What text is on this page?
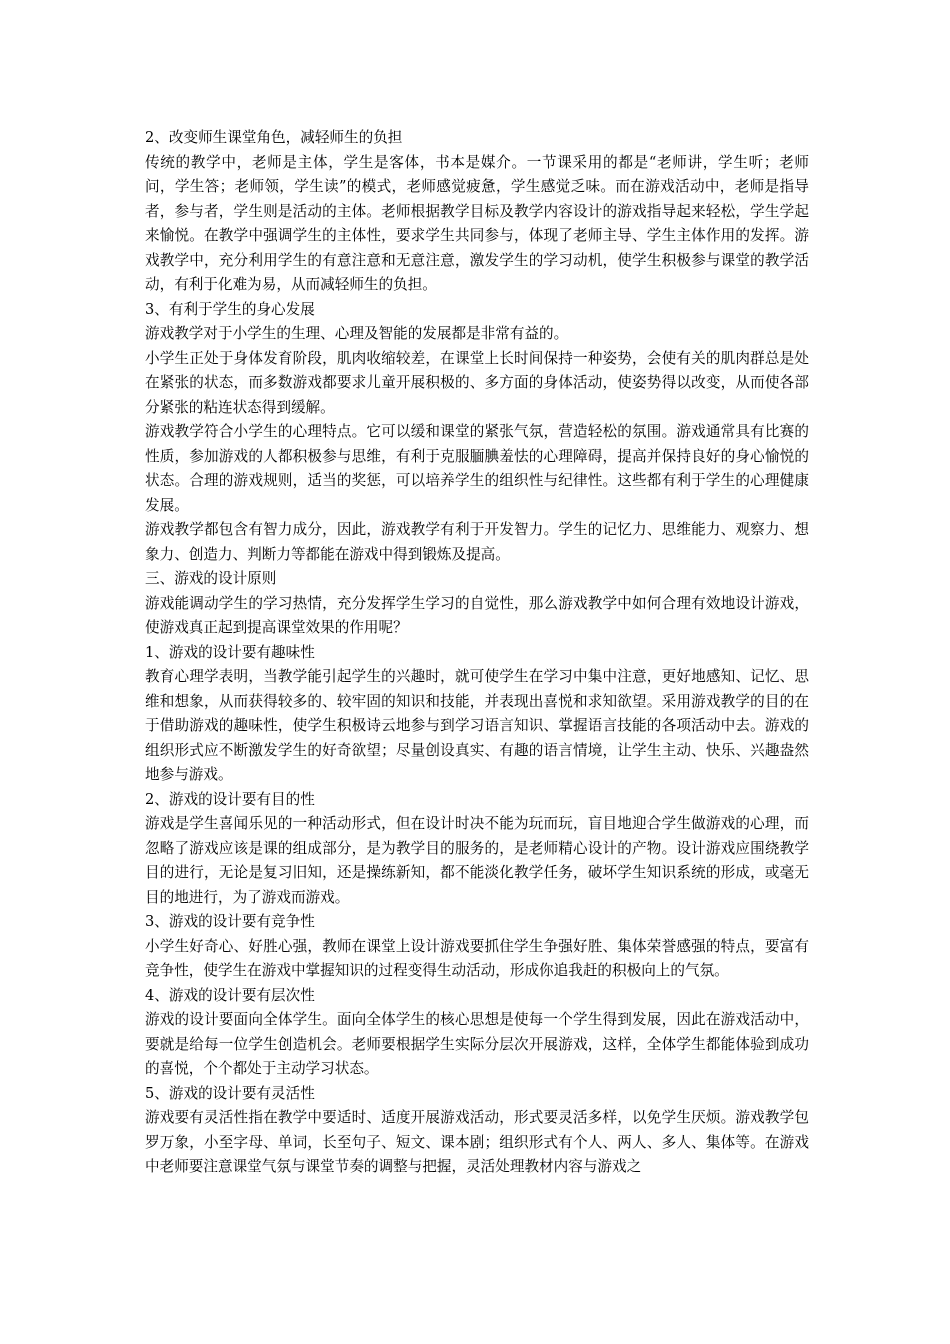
2、改变师生课堂角色，减轻师生的负担

传统的教学中，老师是主体，学生是客体，书本是媒介。一节课采用的都是“老师讲，学生听；老师问，学生答；老师领，学生读”的模式，老师感觉疲惫，学生感觉乏味。而在游戏活动中，老师是指导者，参与者，学生则是活动的主体。老师根据教学目标及教学内容设计的游戏指导起来轻松，学生学起来愉悦。在教学中强调学生的主体性，要求学生共同参与，体现了老师主导、学生主体作用的发挥。游戏教学中，充分利用学生的有意注意和无意注意，激发学生的学习动机，使学生积极参与课堂的教学活动，有利于化难为易，从而减轻师生的负担。

3、有利于学生的身心发展

游戏教学对于小学生的生理、心理及智能的发展都是非常有益的。

小学生正处于身体发育阶段，肌肉收缩较差，在课堂上长时间保持一种姿势，会使有关的肌肉群总是处在紧张的状态，而多数游戏都要求儿童开展积极的、多方面的身体活动，使姿势得以改变，从而使各部分紧张的粘连状态得到缓解。

游戏教学符合小学生的心理特点。它可以缓和课堂的紧张气氛，营造轻松的氛围。游戏通常具有比赛的性质，参加游戏的人都积极参与思维，有利于克服腼腆羞怯的心理障碍，提高并保持良好的身心愉悦的状态。合理的游戏规则，适当的奖惩，可以培养学生的组织性与纪律性。这些都有利于学生的心理健康发展。

游戏教学都包含有智力成分，因此，游戏教学有利于开发智力。学生的记忆力、思维能力、观察力、想象力、创造力、判断力等都能在游戏中得到锻炼及提高。

三、游戏的设计原则

游戏能调动学生的学习热情，充分发挥学生学习的自觉性，那么游戏教学中如何合理有效地设计游戏，使游戏真正起到提高课堂效果的作用呢？

1、游戏的设计要有趣味性

教育心理学表明，当教学能引起学生的兴趣时，就可使学生在学习中集中注意，更好地感知、记忆、思维和想象，从而获得较多的、较牢固的知识和技能，并表现出喜悦和求知欲望。采用游戏教学的目的在于借助游戏的趣味性，使学生积极诗云地参与到学习语言知识、掌握语言技能的各项活动中去。游戏的组织形式应不断激发学生的好奇欲望；尽量创设真实、有趣的语言情境，让学生主动、快乐、兴趣盎然地参与游戏。

2、游戏的设计要有目的性

游戏是学生喜闻乐见的一种活动形式，但在设计时决不能为玩而玩，盲目地迎合学生做游戏的心理，而忽略了游戏应该是课的组成部分，是为教学目的服务的，是老师精心设计的产物。设计游戏应围绕教学目的进行，无论是复习旧知，还是操练新知，都不能淡化教学任务，破坏学生知识系统的形成，或毫无目的地进行，为了游戏而游戏。

3、游戏的设计要有竞争性

小学生好奇心、好胜心强，教师在课堂上设计游戏要抓住学生争强好胜、集体荣誉感强的特点，要富有竞争性，使学生在游戏中掌握知识的过程变得生动活动，形成你追我赶的积极向上的气氛。

4、游戏的设计要有层次性

游戏的设计要面向全体学生。面向全体学生的核心思想是使每一个学生得到发展，因此在游戏活动中，要就是给每一位学生创造机会。老师要根据学生实际分层次开展游戏，这样，全体学生都能体验到成功的喜悦，个个都处于主动学习状态。

5、游戏的设计要有灵活性

游戏要有灵活性指在教学中要适时、适度开展游戏活动，形式要灵活多样，以免学生厌烦。游戏教学包罗万象，小至字母、单词，长至句子、短文、课本剧；组织形式有个人、两人、多人、集体等。在游戏中老师要注意课堂气氛与课堂节奏的调整与把握，灵活处理教材内容与游戏之
